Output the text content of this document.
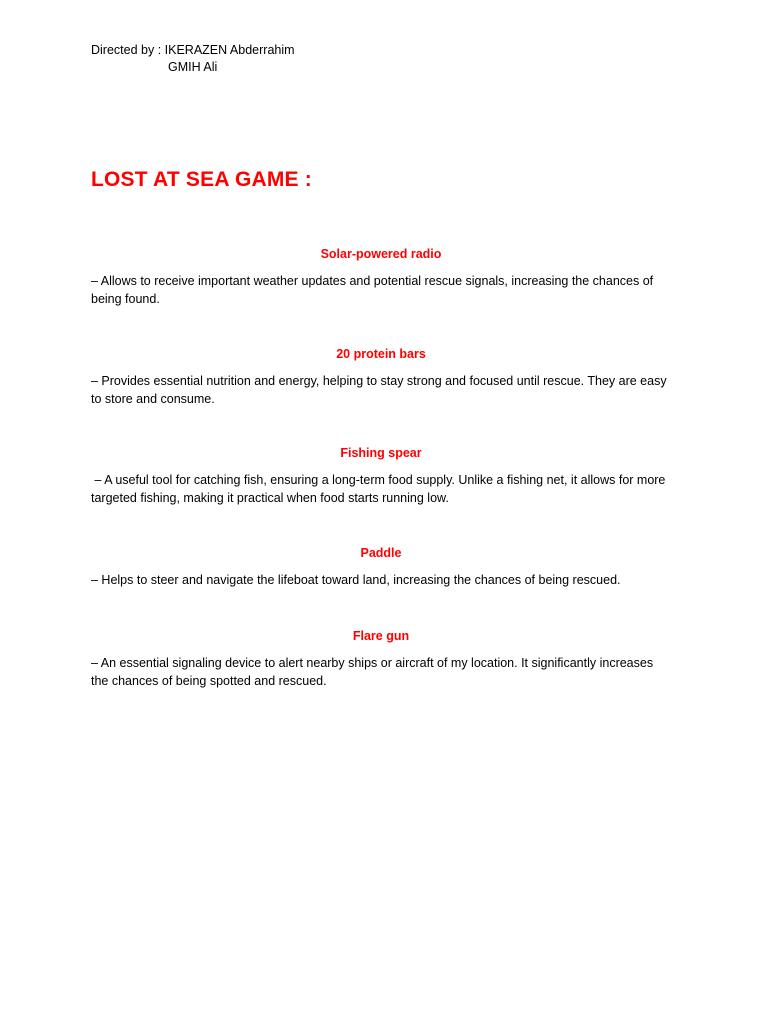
Directed by : IKERAZEN Abderrahim
GMIH Ali
LOST AT SEA GAME :
Solar-powered radio
– Allows to receive important weather updates and potential rescue signals, increasing the chances of being found.
20 protein bars
– Provides essential nutrition and energy, helping to stay strong and focused until rescue. They are easy to store and consume.
Fishing spear
– A useful tool for catching fish, ensuring a long-term food supply. Unlike a fishing net, it allows for more targeted fishing, making it practical when food starts running low.
Paddle
– Helps to steer and navigate the lifeboat toward land, increasing the chances of being rescued.
Flare gun
– An essential signaling device to alert nearby ships or aircraft of my location. It significantly increases the chances of being spotted and rescued.
